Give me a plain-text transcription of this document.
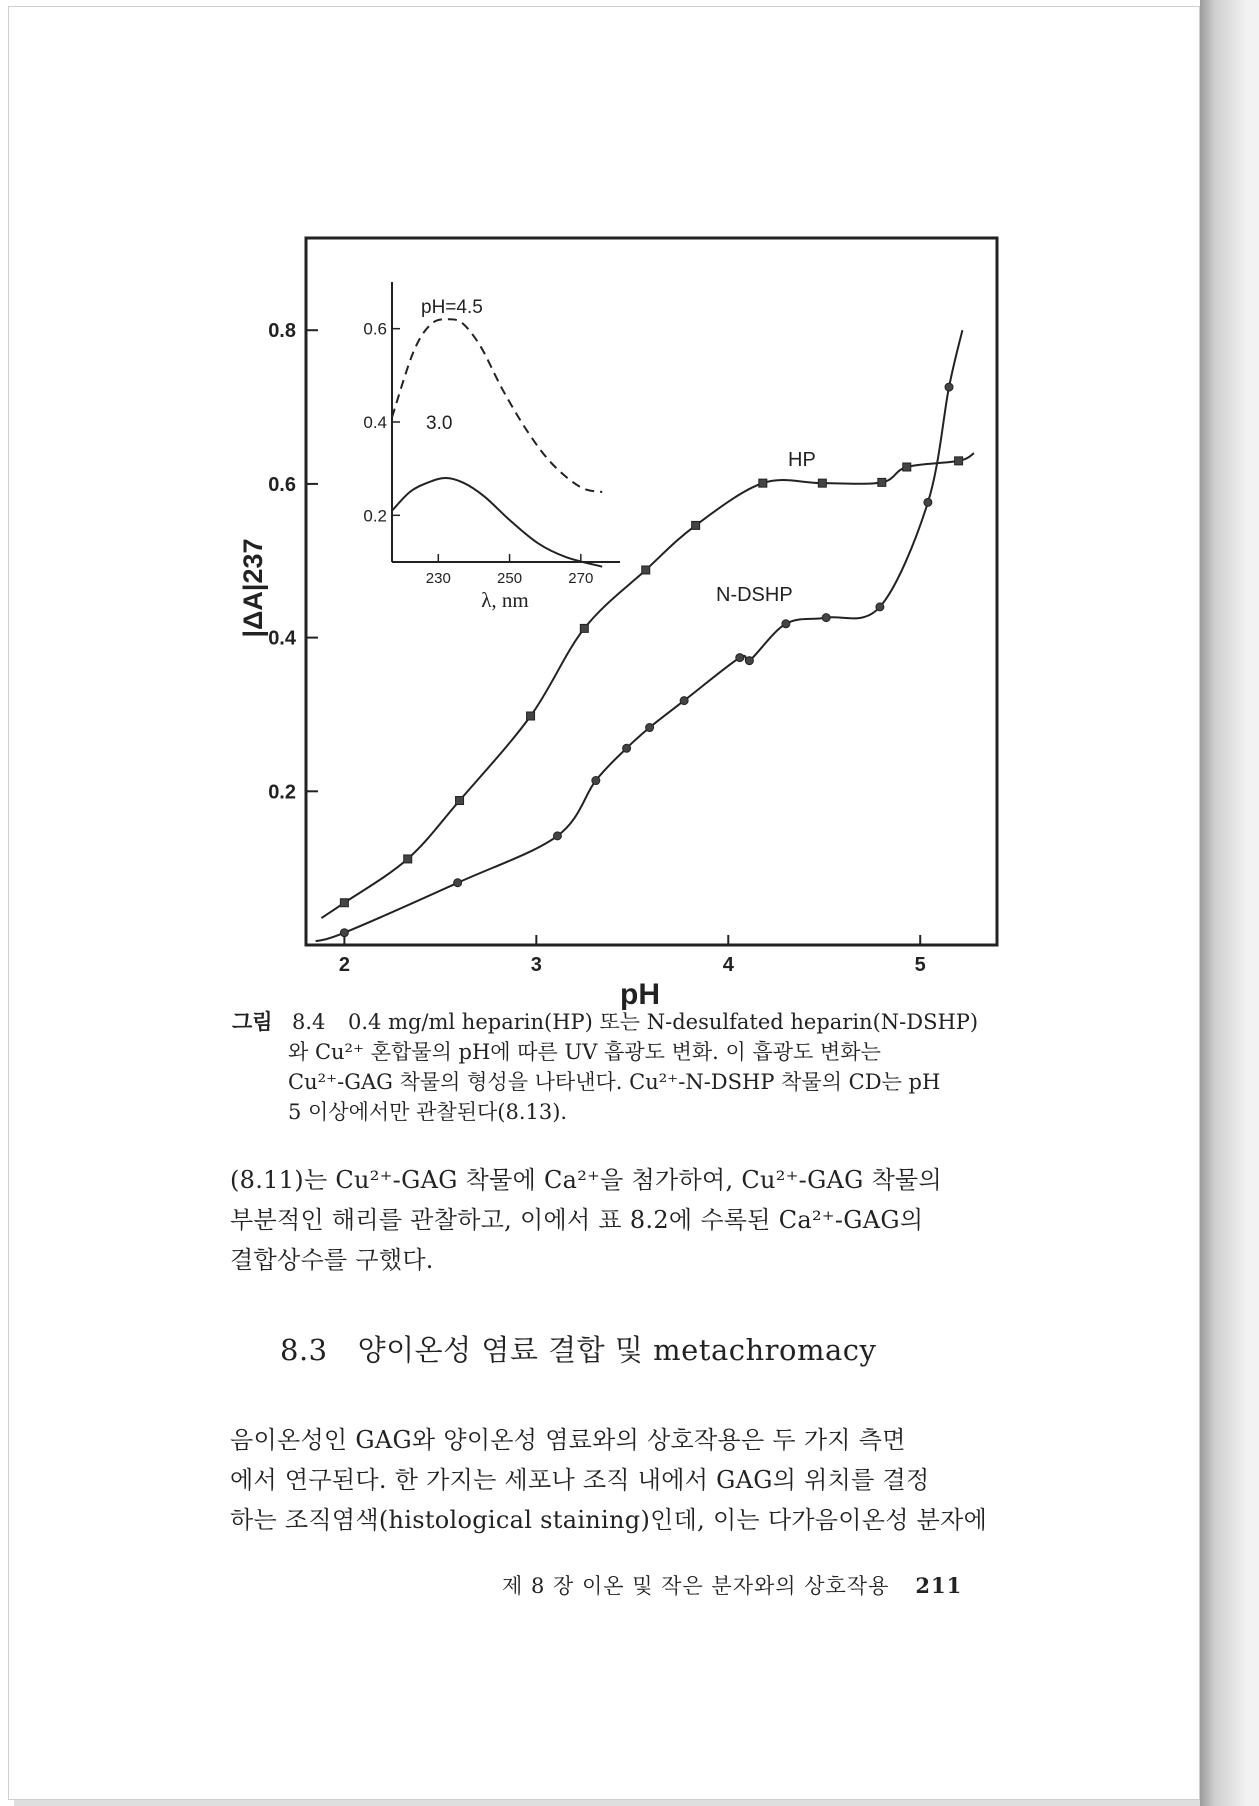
2	3	4	5
0.2
0.4
0.6
0.8
HP
N-DSHP
|ΔA|237
pH
230	250	270
0.2
0.4
0.6
pH=4.5
3.0
λ, nm
그림 8.4 0.4 mg/ml heparin(HP) 또는 N-desulfated heparin(N-DSHP)
와 Cu²⁺ 혼합물의 pH에 따른 UV 흡광도 변화. 이 흡광도 변화는
Cu²⁺-GAG 착물의 형성을 나타낸다. Cu²⁺-N-DSHP 착물의 CD는 pH
5 이상에서만 관찰된다(8.13).
(8.11)는 Cu²⁺-GAG 착물에 Ca²⁺을 첨가하여, Cu²⁺-GAG 착물의
부분적인 해리를 관찰하고, 이에서 표 8.2에 수록된 Ca²⁺-GAG의
결합상수를 구했다.
8.3 양이온성 염료 결합 및 metachromacy
음이온성인 GAG와 양이온성 염료와의 상호작용은 두 가지 측면
에서 연구된다. 한 가지는 세포나 조직 내에서 GAG의 위치를 결정
하는 조직염색(histological staining)인데, 이는 다가음이온성 분자에
제 8 장 이온 및 작은 분자와의 상호작용 211
